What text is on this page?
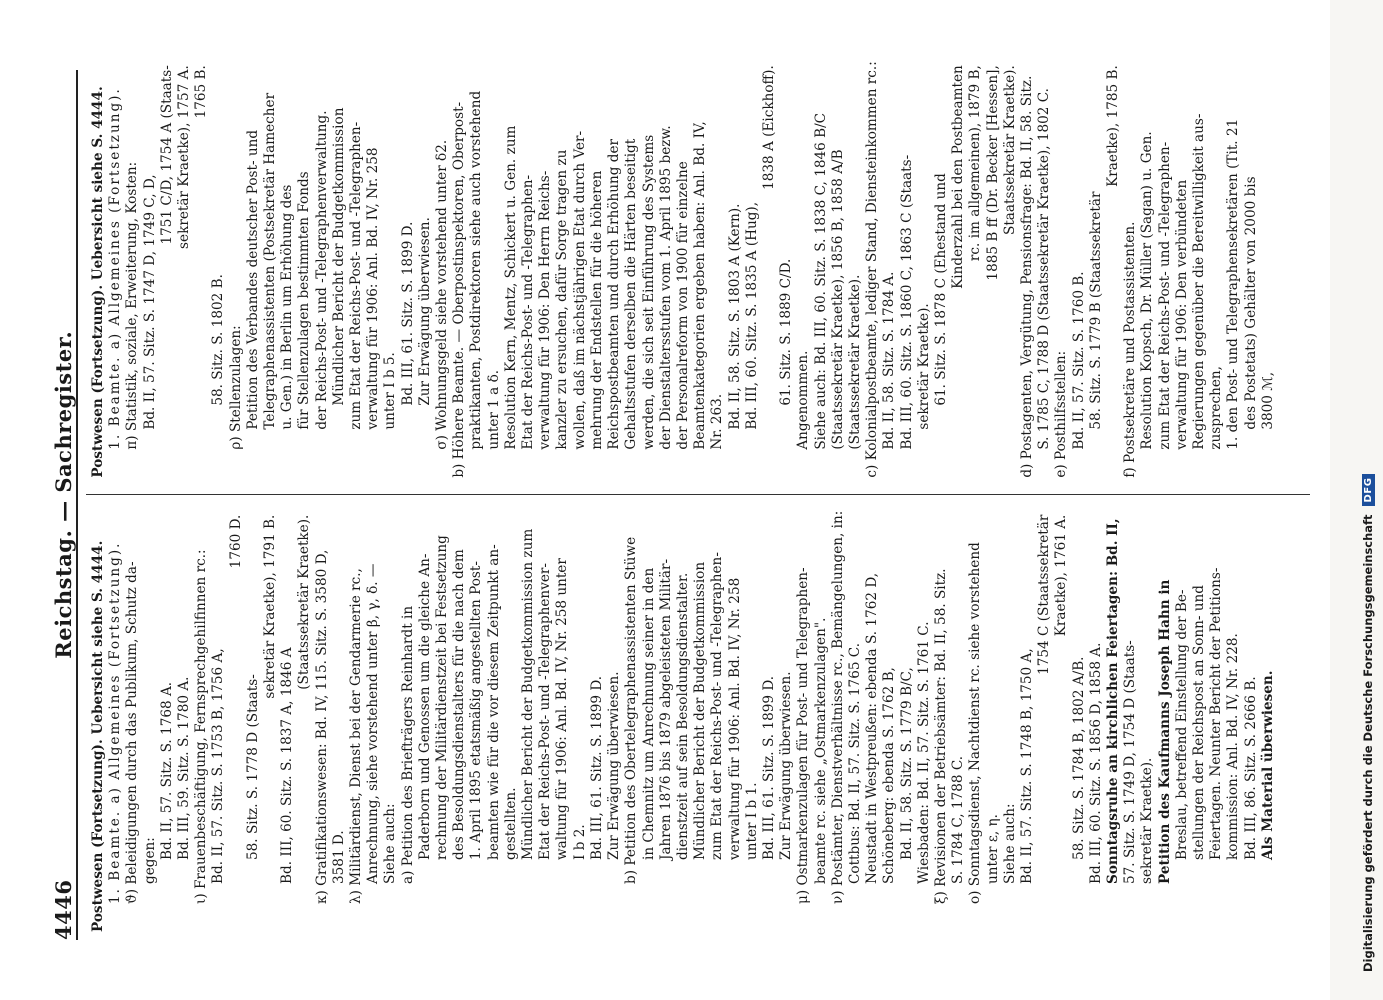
4446
Reichstag. — Sachregister.
Postwesen (Fortsetzung). Uebersicht siehe S. 4444. 1. Beamte. a) Allgemeines (Fortsetzung). ϑ) Beleidigungen durch das Publikum, Schutz da- gegen:
Bd. II, 57. Sitz. S. 1768 A. Bd. III, 59. Sitz. S. 1780 A. ι) Frauenbeschäftigung, Fernsprechgehilfinnen rc.: Bd. II, 57. Sitz. S. 1753 B, 1756 A,
1760 D.
58. Sitz. S. 1778 D (Staats-
sekretär Kraetke), 1791 B.
Bd. III, 60. Sitz. S. 1837 A, 1846 A
(Staatssekretär Kraetke). κ) Gratifikationswesen: Bd. IV, 115. Sitz. S. 3580 D, 3581 D. λ) Militärdienst, Dienst bei der Gendarmerie rc., Anrechnung, siehe vorstehend unter β, γ, δ. — Siehe auch: a) Petition des Briefträgers Reinhardt in Paderborn und Genossen um die gleiche An- rechnung der Militärdienstzeit bei Festsetzung des Besoldungsdienstalters für die nach dem 1. April 1895 etatsmäßig angestellten Post- beamten wie für die vor diesem Zeitpunkt an- gestellten. Mündlicher Bericht der Budgetkommission zum Etat der Reichs-Post- und -Telegraphenver- waltung für 1906: Anl. Bd. IV, Nr. 258 unter I b 2. Bd. III, 61. Sitz. S. 1899 D. Zur Erwägung überwiesen. b) Petition des Obertelegraphenassistenten Stüwe in Chemnitz um Anrechnung seiner in den Jahren 1876 bis 1879 abgeleisteten Militär- dienstzeit auf sein Besoldungsdienstalter. Mündlicher Bericht der Budgetkommission zum Etat der Reichs-Post- und -Telegraphen- verwaltung für 1906: Anl. Bd. IV, Nr. 258 unter I b 1. Bd. III, 61. Sitz. S. 1899 D. Zur Erwägung überwiesen. μ) Ostmarkenzulagen für Post- und Telegraphen- beamte rc. siehe „Ostmarkenzulagen". ν) Postämter, Dienstverhältnisse rc., Bemängelungen, in: Cottbus: Bd. II, 57. Sitz. S. 1765 C. Neustadt in Westpreußen: ebenda S. 1762 D, Schöneberg: ebenda S. 1762 B, Bd. II, 58. Sitz. S. 1779 B/C, Wiesbaden: Bd. II, 57. Sitz. S. 1761 C. ξ) Revisionen der Betriebsämter: Bd. II, 58. Sitz. S. 1784 C, 1788 C. ο) Sonntagsdienst, Nachtdienst rc. siehe vorstehend unter ε, η. Siehe auch: Bd. II, 57. Sitz. S. 1748 B, 1750 A,
1754 C (Staatssekretär Kraetke), 1761 A.
58. Sitz. S. 1784 B, 1802 A/B. Bd. III, 60. Sitz. S. 1856 D, 1858 A. Sonntagsruhe an kirchlichen Feiertagen: Bd. II, 57. Sitz. S. 1749 D, 1754 D (Staats- sekretär Kraetke). Petition des Kaufmanns Joseph Hahn in Breslau, betreffend Einstellung der Be- stellungen der Reichspost an Sonn- und Feiertagen. Neunter Bericht der Petitions- kommission: Anl. Bd. IV, Nr. 228. Bd. III, 86. Sitz. S. 2666 B. Als Material überwiesen.
Postwesen (Fortsetzung). Uebersicht siehe S. 4444. 1. Beamte. a) Allgemeines (Fortsetzung). π) Statistik, soziale, Erweiterung, Kosten: Bd. II, 57. Sitz. S. 1747 D, 1749 C, D,
1751 C/D, 1754 A (Staats- sekretär Kraetke), 1757 A. 1765 B.
58. Sitz. S. 1802 B. ρ) Stellenzulagen: Petition des Verbandes deutscher Post- und Telegraphenassistenten (Postsekretär Hamecher u. Gen.) in Berlin um Erhöhung des für Stellenzulagen bestimmten Fonds der Reichs-Post- und -Telegraphenverwaltung. Mündlicher Bericht der Budgetkommission zum Etat der Reichs-Post- und -Telegraphen- verwaltung für 1906: Anl. Bd. IV, Nr. 258 unter I b 5. Bd. III, 61. Sitz. S. 1899 D. Zur Erwägung überwiesen. σ) Wohnungsgeld siehe vorstehend unter δ2. b) Höhere Beamte. — Oberpostinspektoren, Oberpost- praktikanten, Postdirektoren siehe auch vorstehend unter 1 a δ. Resolution Kern, Mentz, Schickert u. Gen. zum Etat der Reichs-Post- und -Telegraphen- verwaltung für 1906: Den Herrn Reichs- kanzler zu ersuchen, dafür Sorge tragen zu wollen, daß im nächstjährigen Etat durch Ver- mehrung der Endstellen für die höheren Reichspostbeamten und durch Erhöhung der Gehaltsstufen derselben die Härten beseitigt werden, die sich seit Einführung des Systems der Dienstaltersstufen vom 1. April 1895 bezw. der Personalreform von 1900 für einzelne Beamtenkategorien ergeben haben: Anl. Bd. IV, Nr. 263. Bd. II, 58. Sitz. S. 1803 A (Kern). Bd. III, 60. Sitz. S. 1835 A (Hug),
1838 A (Eickhoff).
61. Sitz. S. 1889 C/D. Angenommen. Siehe auch: Bd. III, 60. Sitz. S. 1838 C, 1846 B/C (Staatssekretär Kraetke), 1856 B, 1858 A/B (Staatssekretär Kraetke). c) Kolonialpostbeamte, lediger Stand, Diensteinkommen rc.: Bd. II, 58. Sitz. S. 1784 A. Bd. III, 60. Sitz. S. 1860 C, 1863 C (Staats- sekretär Kraetke). 61. Sitz. S. 1878 C (Ehestand und Kinderzahl bei den Postbeamten rc. im allgemeinen), 1879 B, 1885 B ff (Dr. Becker [Hessen], Staatssekretär Kraetke). d) Postagenten, Vergütung, Pensionsfrage: Bd. II, 58. Sitz. S. 1785 C, 1788 D (Staatssekretär Kraetke), 1802 C. e) Posthilfsstellen: Bd. II, 57. Sitz. S. 1760 B. 58. Sitz. S. 1779 B (Staatssekretär
Kraetke), 1785 B.
f) Postsekretäre und Postassistenten. Resolution Kopsch, Dr. Müller (Sagan) u. Gen. zum Etat der Reichs-Post- und -Telegraphen- verwaltung für 1906: Den verbündeten Regierungen gegenüber die Bereitwilligkeit aus- zusprechen, 1. den Post- und Telegraphensekretären (Tit. 21 des Postetats) Gehälter von 2000 bis 3800 ℳ,
Digitalisierung gefördert durch die Deutsche Forschungsgemeinschaft
DFG
